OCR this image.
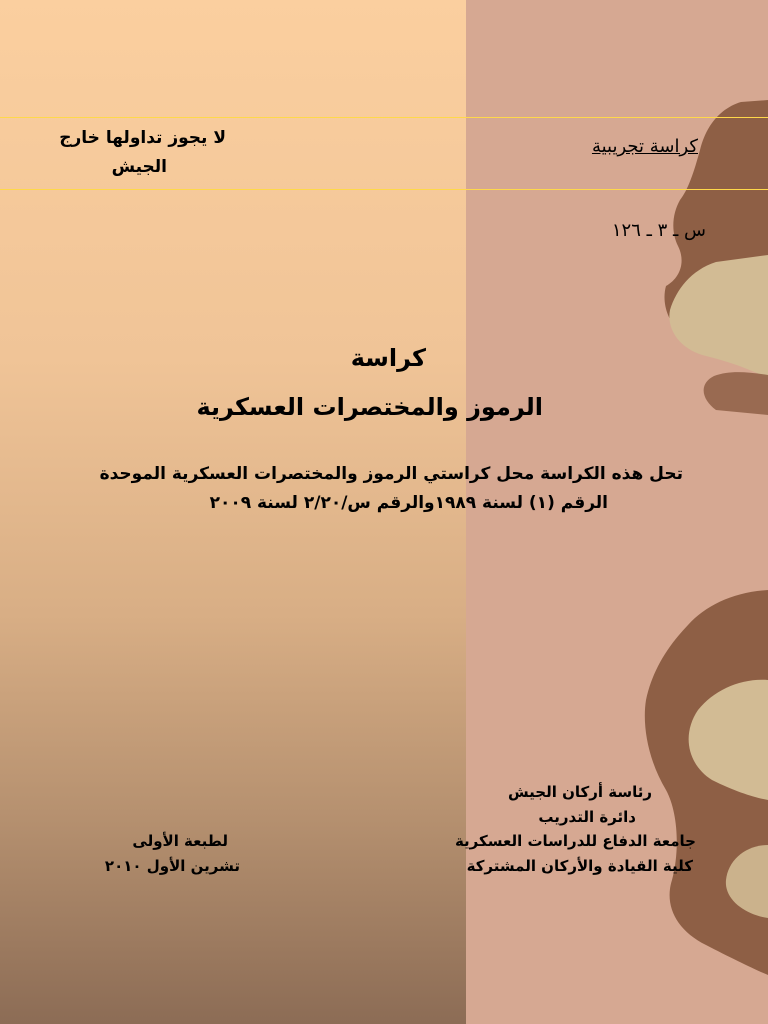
لا يجوز تداولها خارج
الجيش
كراسة تجريبية
س ـ ٣ ـ ١٢٦
كراسة
الرموز والمختصرات العسكرية
تحل هذه الكراسة محل كراستي الرموز والمختصرات العسكرية الموحدة
الرقم (١) لسنة ١٩٨٩والرقم س/٢/٢٠ لسنة ٢٠٠٩
رئاسة أركان الجيش
دائرة التدريب
جامعة الدفاع للدراسات العسكرية
كلية القيادة والأركان المشتركة
لطبعة الأولى
تشرين الأول ٢٠١٠
